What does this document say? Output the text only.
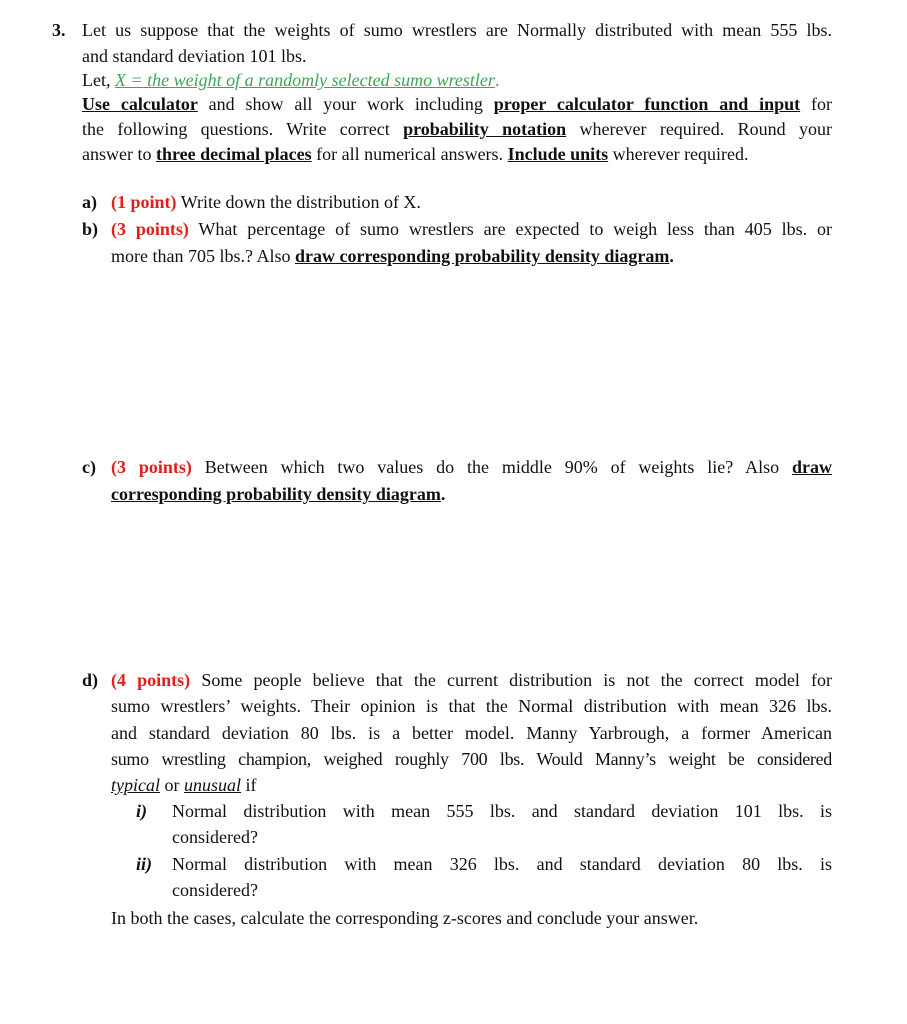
3. Let us suppose that the weights of sumo wrestlers are Normally distributed with mean 555 lbs.
and standard deviation 101 lbs.
Let, X = the weight of a randomly selected sumo wrestler.
Use calculator and show all your work including proper calculator function and input for
the following questions. Write correct probability notation wherever required. Round your
answer to three decimal places for all numerical answers. Include units wherever required.
a) (1 point) Write down the distribution of X.
b) (3 points) What percentage of sumo wrestlers are expected to weigh less than 405 lbs. or
more than 705 lbs.? Also draw corresponding probability density diagram.
c) (3 points) Between which two values do the middle 90% of weights lie? Also draw
corresponding probability density diagram.
d) (4 points) Some people believe that the current distribution is not the correct model for
sumo wrestlers’ weights. Their opinion is that the Normal distribution with mean 326 lbs.
and standard deviation 80 lbs. is a better model. Manny Yarbrough, a former American
sumo wrestling champion, weighed roughly 700 lbs. Would Manny’s weight be considered
typical or unusual if
i) Normal distribution with mean 555 lbs. and standard deviation 101 lbs. is
considered?
ii) Normal distribution with mean 326 lbs. and standard deviation 80 lbs. is
considered?
In both the cases, calculate the corresponding z-scores and conclude your answer.
